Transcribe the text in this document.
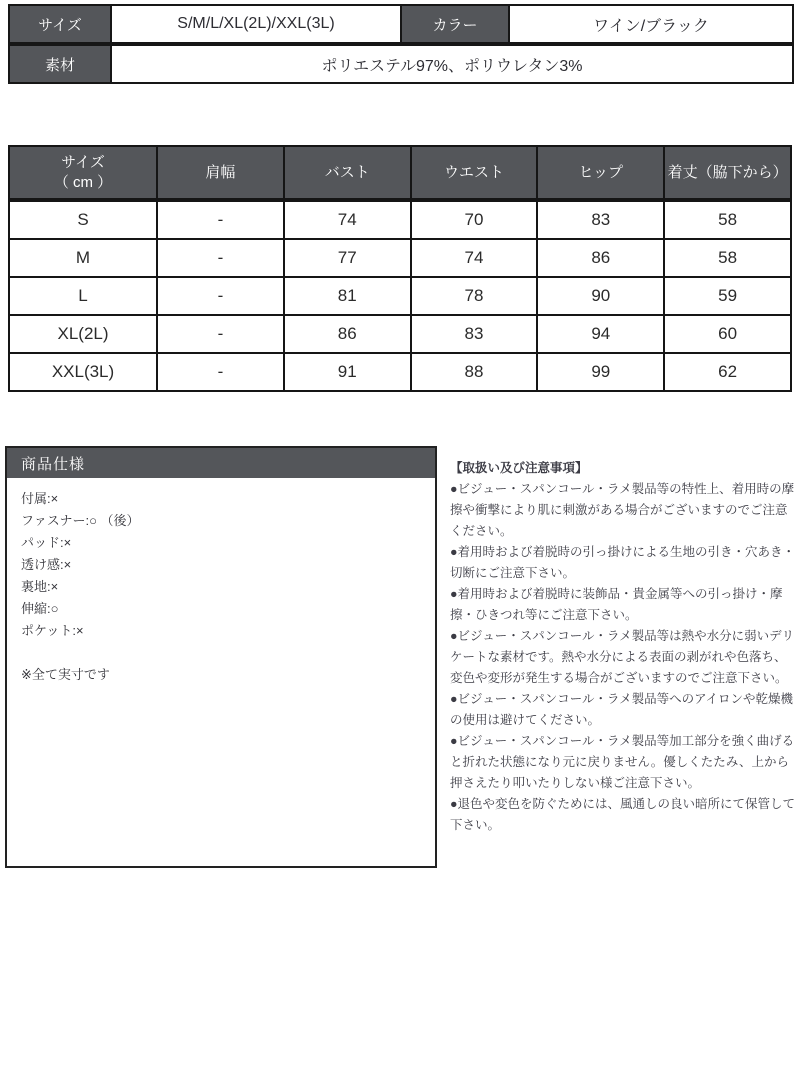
サイズ	S/M/L/XL(2L)/XXL(3L)	カラー	ワイン/ブラック
素材	ポリエステル97%、ポリウレタン3%		
サイズ
（ cm ）	肩幅	バスト	ウエスト	ヒップ	着丈（脇下から）
S	-	74	70	83	58
M	-	77	74	86	58
L	-	81	78	90	59
XL(2L)	-	86	83	94	60
XXL(3L)	-	91	88	99	62
商品仕様
付属:×
ファスナー:○ （後）
パッド:×
透け感:×
裏地:×
伸縮:○
ポケット:×
※全て実寸です

【取扱い及び注意事項】

●ビジュー・スパンコール・ラメ製品等の特性上、着用時の摩擦や衝撃により肌に刺激がある場合がございますのでご注意ください。

●着用時および着脱時の引っ掛けによる生地の引き・穴あき・切断にご注意下さい。

●着用時および着脱時に装飾品・貴金属等への引っ掛け・摩擦・ひきつれ等にご注意下さい。

●ビジュー・スパンコール・ラメ製品等は熱や水分に弱いデリケートな素材です。熱や水分による表面の剥がれや色落ち、変色や変形が発生する場合がございますのでご注意下さい。

●ビジュー・スパンコール・ラメ製品等へのアイロンや乾燥機の使用は避けてください。

●ビジュー・スパンコール・ラメ製品等加工部分を強く曲げると折れた状態になり元に戻りません。優しくたたみ、上から押さえたり叩いたりしない様ご注意下さい。

●退色や変色を防ぐためには、風通しの良い暗所にて保管して下さい。
